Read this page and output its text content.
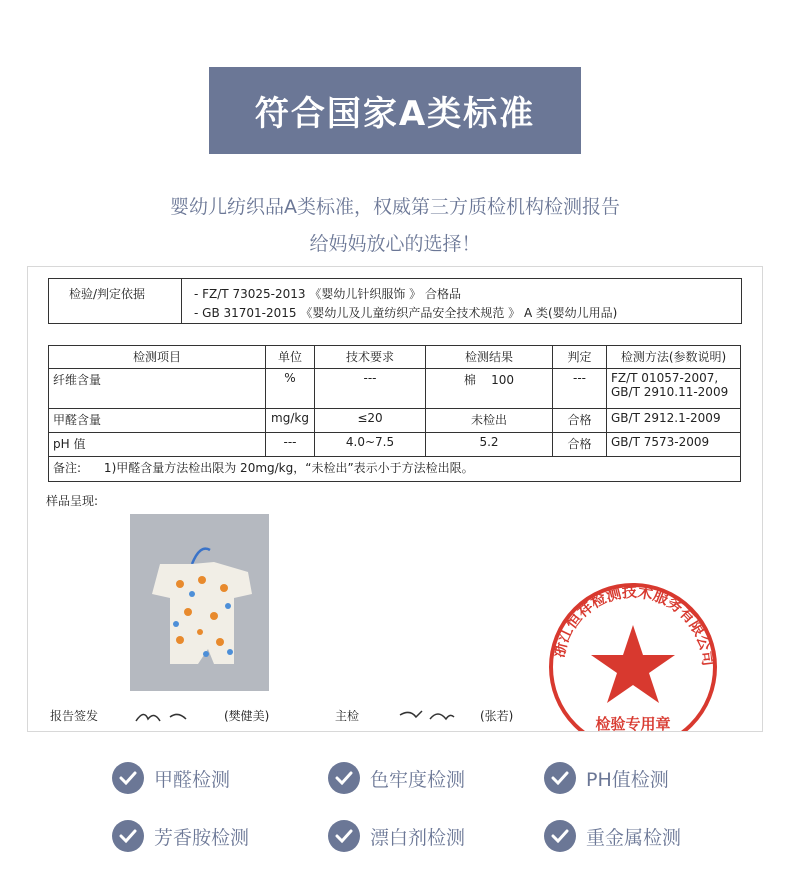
符合国家A类标准
婴幼儿纺织品A类标准，权威第三方质检机构检测报告
给妈妈放心的选择！
检验/判定依据	- FZ/T 73025-2013 《婴幼儿针织服饰 》 合格品
- GB 31701-2015 《婴幼儿及儿童纺织产品安全技术规范 》 A 类(婴幼儿用品)
检测项目	单位	技术要求	检测结果	判定	检测方法(参数说明)
纤维含量	%	---	棉    100	---	FZ/T 01057-2007,
GB/T 2910.11-2009
甲醛含量	mg/kg	≤20	未检出	合格	GB/T 2912.1-2009
pH 值	---	4.0~7.5	5.2	合格	GB/T 7573-2009
备注:      1)甲醛含量方法检出限为 20mg/kg，“未检出”表示小于方法检出限。					
样品呈现:
浙江恒祥检测技术服务有限公司
检验专用章
报告签发	(樊健美)	主检	(张若)
甲醛检测	色牢度检测	PH值检测
芳香胺检测	漂白剂检测	重金属检测
